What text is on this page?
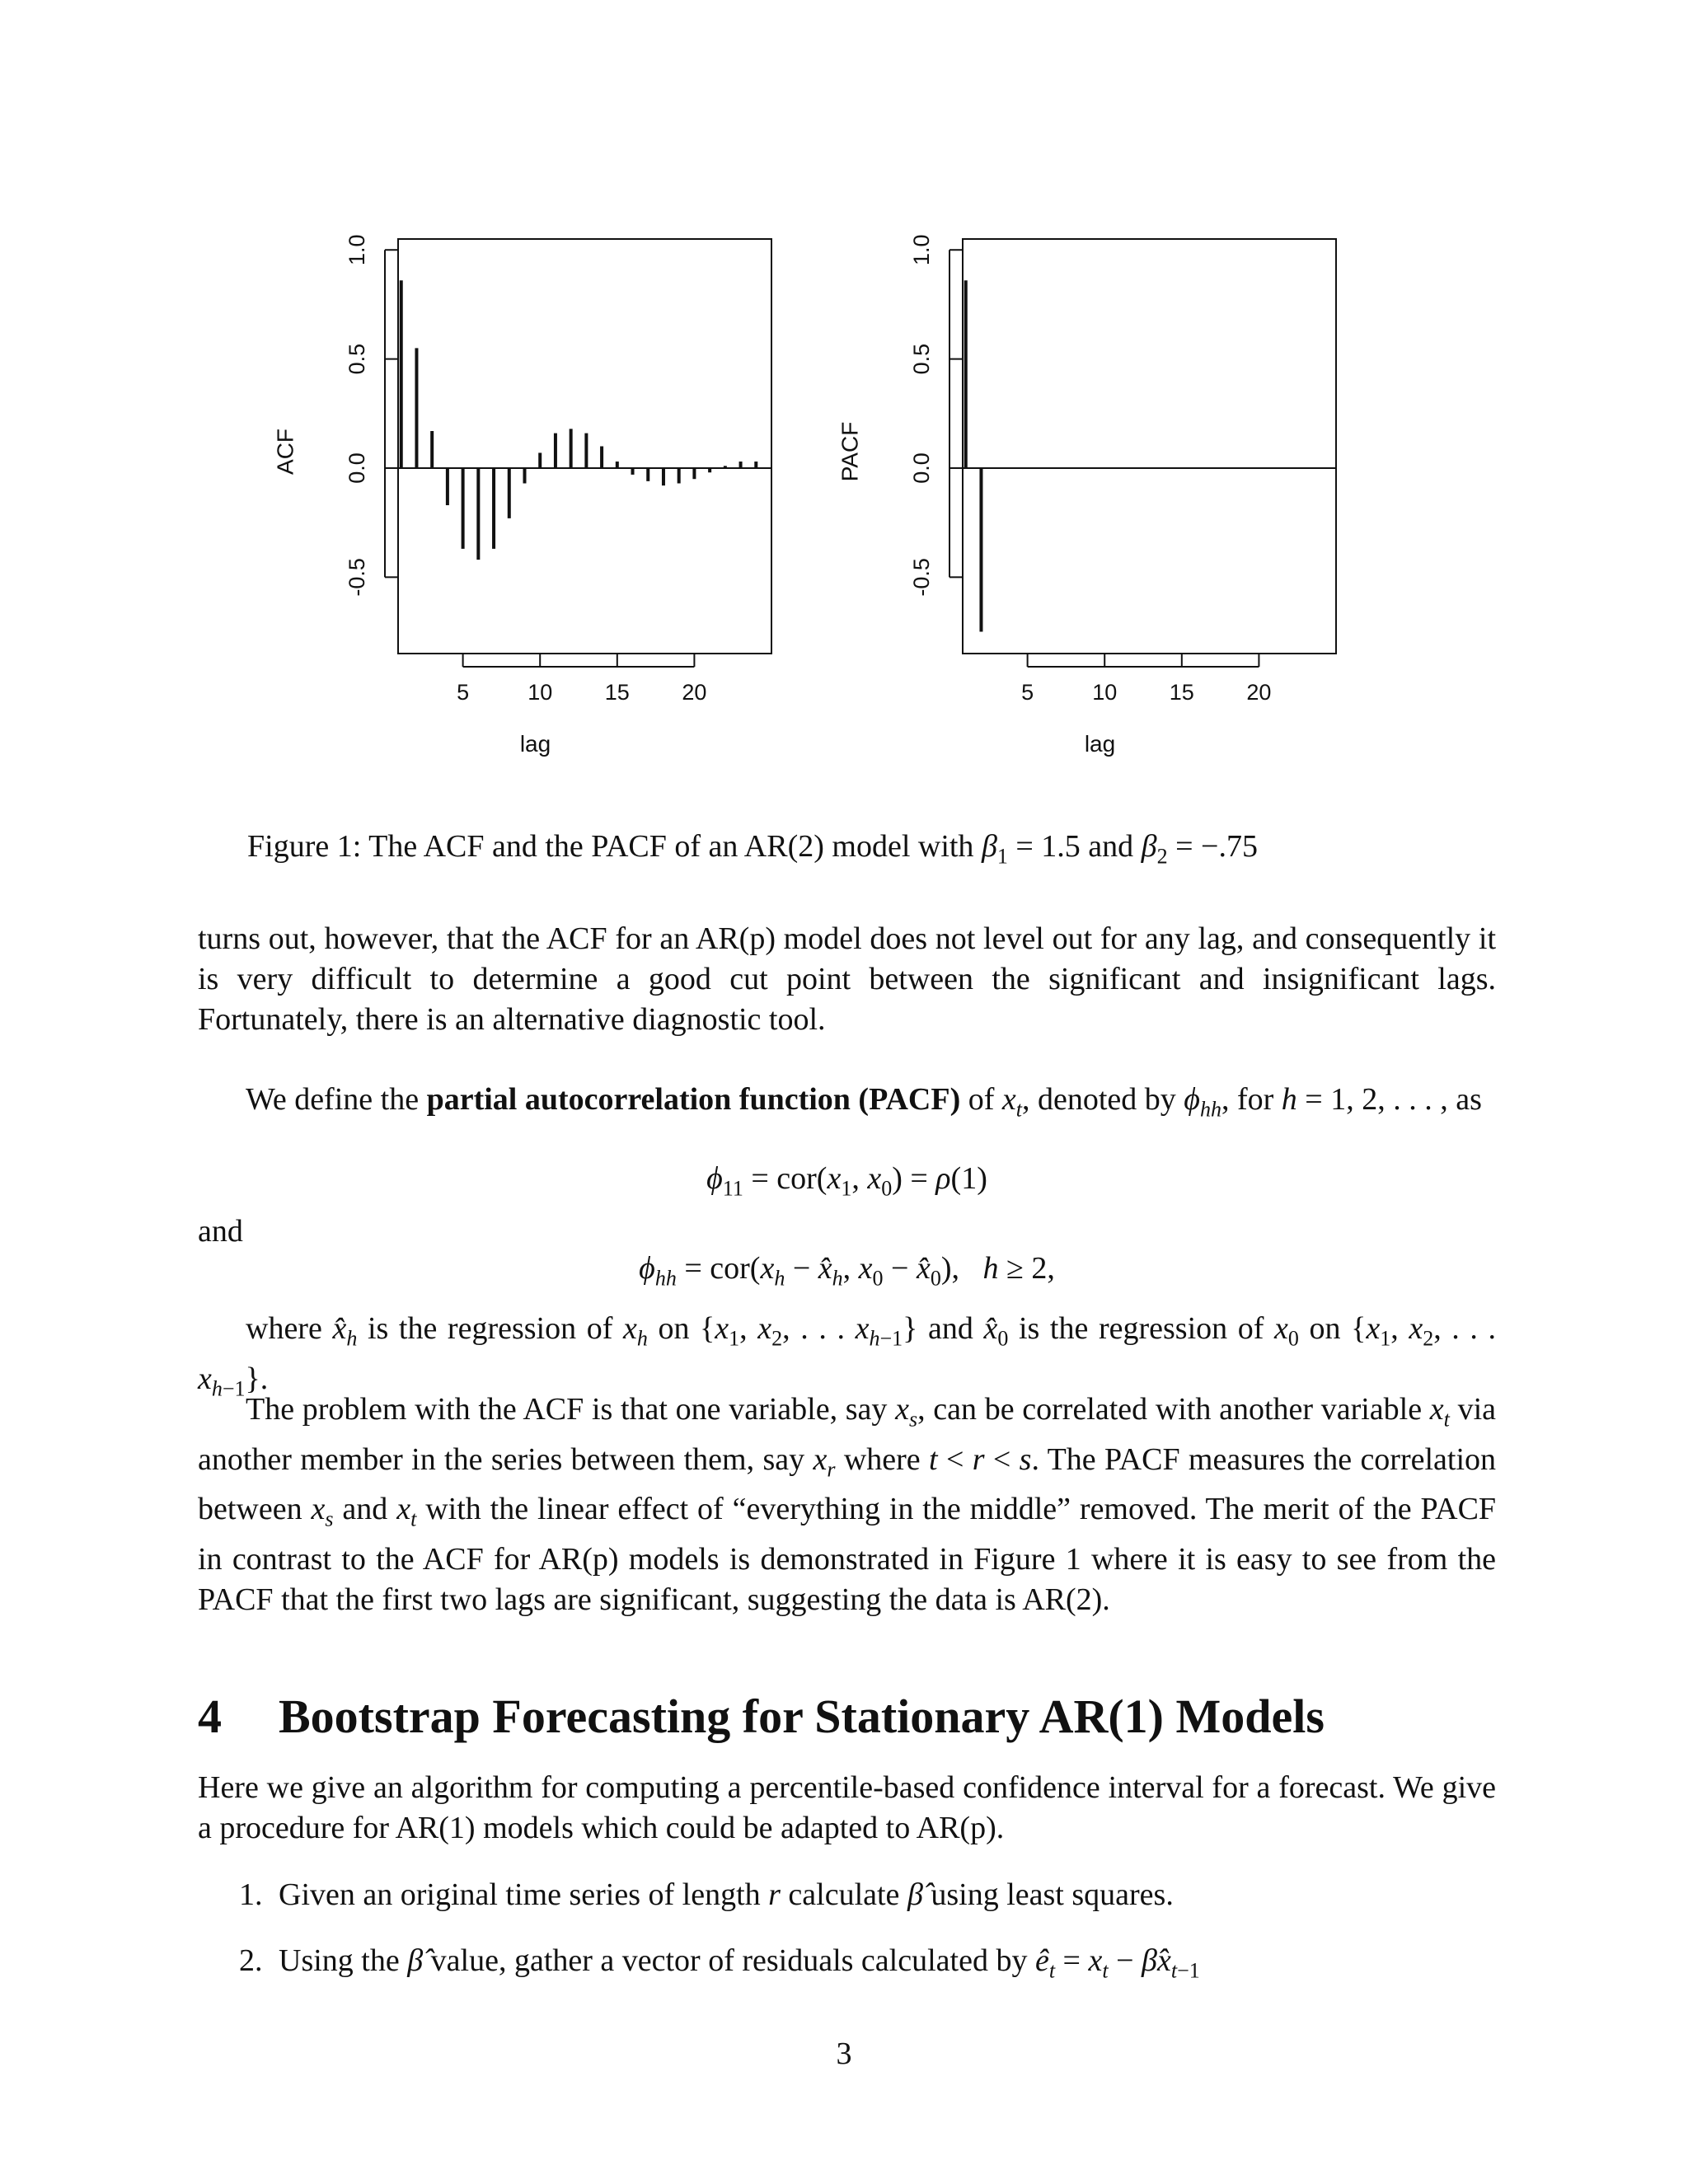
-0.5
0.0
0.5
1.0
5	10 15 20
lag
ACF
-0.5
0.0
0.5
1.0
5	10 15 20
lag
PACF
Figure 1: The ACF and the PACF of an AR(2) model with $\beta_1 = 1.5$ and $\beta_2 = -.75$
turns out, however, that the ACF for an AR(p) model does not level out for any lag, and consequently it is very difficult to determine a good cut point between the significant and insignificant lags. Fortunately, there is an alternative diagnostic tool.
We define the partial autocorrelation function (PACF) of $x_t$, denoted by $\phi_{hh}$, for h = 1, 2, . . . , as
$\phi_{11} = cor(x_1$, $x_0) = \rho(1)$
and
$\phi_{hh} = cor(x_h$ − $x̂_h$, $x_0$ − $x̂_0$),   h ≥ 2,
where $x̂_h$ is the regression of $x_h$ on {$x_1$, $x_2$, . . . $x_{h-1}$} and $x̂_0$ is the regression of $x_0$ on {$x_1$, $x_2$, . . . $x_{h-1}$}.
The problem with the ACF is that one variable, say $x_s$, can be correlated with another variable $x_t$ via another member in the series between them, say $x_r$ where t < r < s. The PACF measures the correlation between $x_s$ and $x_t$ with the linear effect of “everything in the middle” removed. The merit of the PACF in contrast to the ACF for AR(p) models is demonstrated in Figure 1 where it is easy to see from the PACF that the first two lags are significant, suggesting the data is AR(2).
4 Bootstrap Forecasting for Stationary AR(1) Models
Here we give an algorithm for computing a percentile-based confidence interval for a forecast. We give a procedure for AR(1) models which could be adapted to AR(p).
1. Given an original time series of length r calculate β̂ using least squares.
2. Using the β̂ value, gather a vector of residuals calculated by $ê_t = x_t$ − $\betâx_{t-1}$
3
